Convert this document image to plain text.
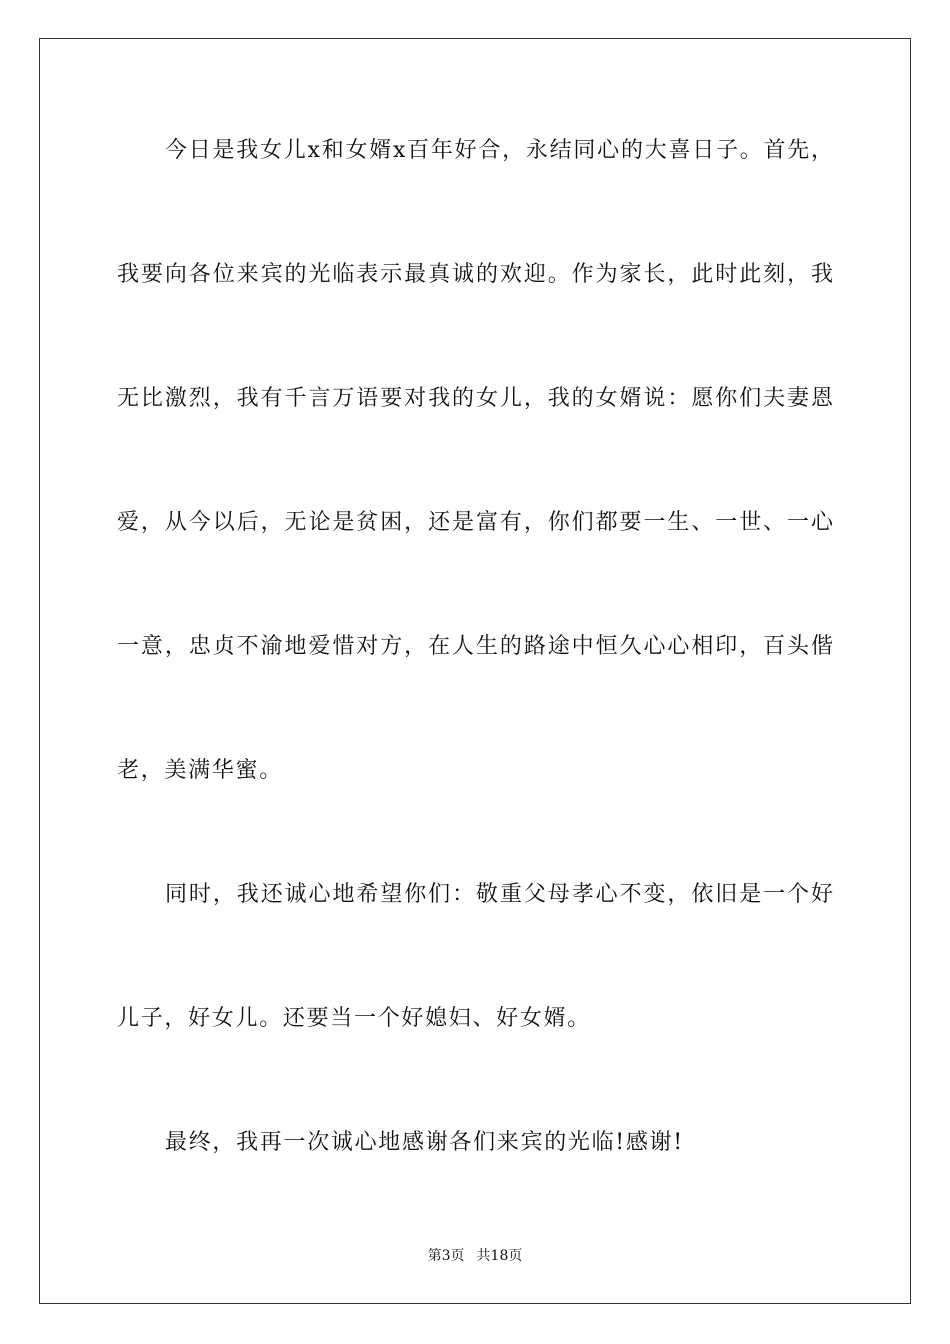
今日是我女儿x和女婿x百年好合，永结同心的大喜日子。首先，
我要向各位来宾的光临表示最真诚的欢迎。作为家长，此时此刻，我
无比激烈，我有千言万语要对我的女儿，我的女婿说：愿你们夫妻恩
爱，从今以后，无论是贫困，还是富有，你们都要一生、一世、一心
一意，忠贞不渝地爱惜对方，在人生的路途中恒久心心相印，百头偕
老，美满华蜜。
同时，我还诚心地希望你们：敬重父母孝心不变，依旧是一个好
儿子，好女儿。还要当一个好媳妇、好女婿。
最终，我再一次诚心地感谢各们来宾的光临!感谢!
第3页 共18页
